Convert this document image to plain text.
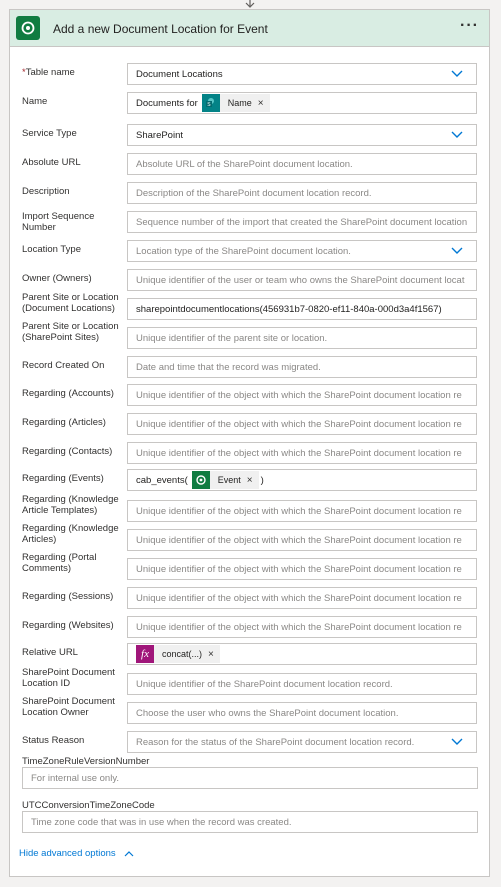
Add a new Document Location for Event	···
*Table name	Document Locations
Name	Documents for S Name ×
Service Type	SharePoint
Absolute URL	Absolute URL of the SharePoint document location.
Description	Description of the SharePoint document location record.
Import Sequence Number	Sequence number of the import that created the SharePoint document location
Location Type	Location type of the SharePoint document location.
Owner (Owners)	Unique identifier of the user or team who owns the SharePoint document locat
Parent Site or Location (Document Locations)	sharepointdocumentlocations(456931b7-0820-ef11-840a-000d3a4f1567)
Parent Site or Location (SharePoint Sites)	Unique identifier of the parent site or location.
Record Created On	Date and time that the record was migrated.
Regarding (Accounts)	Unique identifier of the object with which the SharePoint document location re
Regarding (Articles)	Unique identifier of the object with which the SharePoint document location re
Regarding (Contacts)	Unique identifier of the object with which the SharePoint document location re
Regarding (Events)	cab_events(	Event × )
Regarding (Knowledge Article Templates)	Unique identifier of the object with which the SharePoint document location re
Regarding (Knowledge Articles)	Unique identifier of the object with which the SharePoint document location re
Regarding (Portal Comments)	Unique identifier of the object with which the SharePoint document location re
Regarding (Sessions)	Unique identifier of the object with which the SharePoint document location re
Regarding (Websites)	Unique identifier of the object with which the SharePoint document location re
Relative URL	fx concat(...) ×
SharePoint Document Location ID	Unique identifier of the SharePoint document location record.
SharePoint Document Location Owner	Choose the user who owns the SharePoint document location.
Status Reason	Reason for the status of the SharePoint document location record.
TimeZoneRuleVersionNumber
For internal use only.
UTCConversionTimeZoneCode
Time zone code that was in use when the record was created.
Hide advanced options
